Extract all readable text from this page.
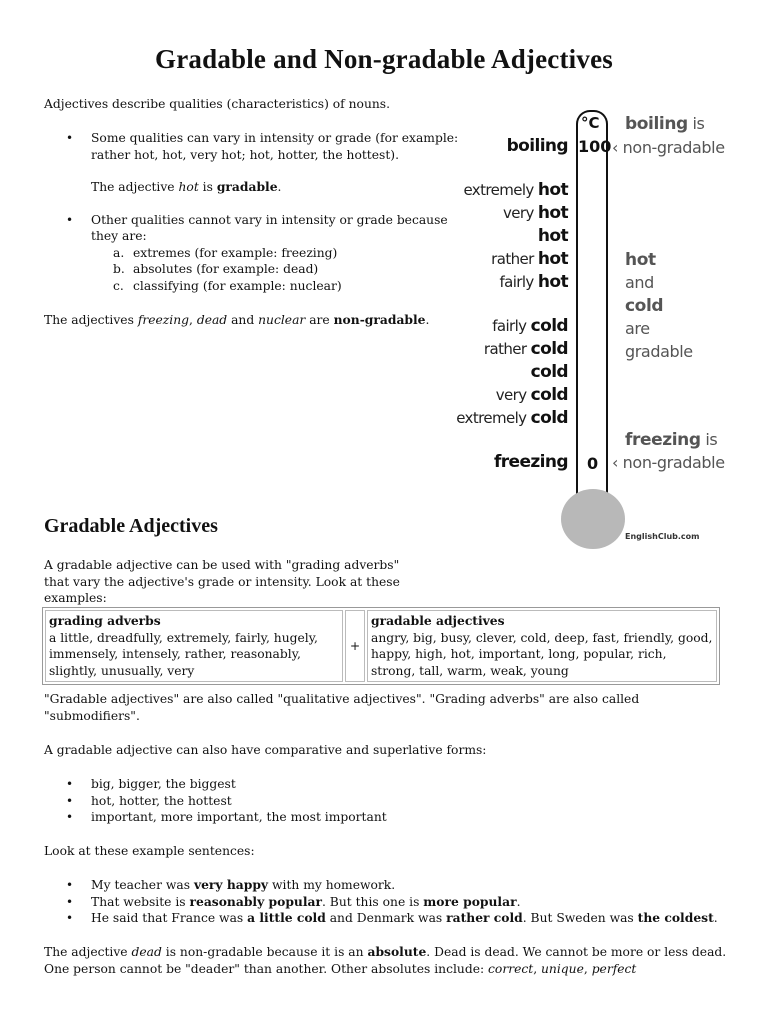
Gradable and Non-gradable Adjectives

Adjectives describe qualities (characteristics) of nouns.

• Some qualities can vary in intensity or grade (for example: rather hot, hot, very hot; hot, hotter, the hottest).
The adjective hot is gradable.
• Other qualities cannot vary in intensity or grade because they are:
a. extremes (for example: freezing)
b. absolutes (for example: dead)
c. classifying (for example: nuclear)

The adjectives freezing, dead and nuclear are non-gradable.

°C
100
0
boiling
extremely hot
very hot
hot
rather hot
fairly hot
fairly cold
rather cold
cold
very cold
extremely cold
freezing
boiling is
‹ non-gradable
hot
and
cold
are
gradable
freezing is
‹ non-gradable
EnglishClub.com
Gradable Adjectives

A gradable adjective can be used with "grading adverbs" that vary the adjective's grade or intensity. Look at these examples:

grading adverbs
a little, dreadfully, extremely, fairly, hugely, immensely, intensely, rather, reasonably, slightly, unusually, very	+	gradable adjectives
angry, big, busy, clever, cold, deep, fast, friendly, good, happy, high, hot, important, long, popular, rich, strong, tall, warm, weak, young

"Gradable adjectives" are also called "qualitative adjectives". "Grading adverbs" are also called "submodifiers".

A gradable adjective can also have comparative and superlative forms:

• big, bigger, the biggest
• hot, hotter, the hottest
• important, more important, the most important

Look at these example sentences:

• My teacher was very happy with my homework.
• That website is reasonably popular. But this one is more popular.
• He said that France was a little cold and Denmark was rather cold. But Sweden was the coldest.

The adjective dead is non-gradable because it is an absolute. Dead is dead. We cannot be more or less dead. One person cannot be "deader" than another. Other absolutes include: correct, unique, perfect
